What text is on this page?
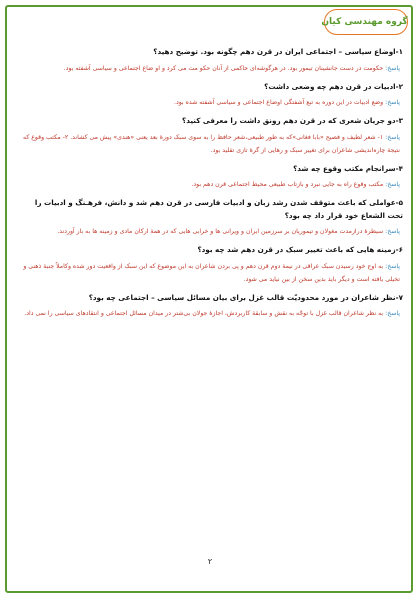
گروه مهندسی کیان
۱-اوضاع سیاسی – اجتماعی ایران در قرن دهم چگونه بود. توضیح دهید؟
پاسخ: حکومت در دست جانشینان تیمور بود. در هرگوشه‌ای حاکمی از آنان حکو مت می کرد و او ضاع اجتماعی و سیاسی آشفته بود.
۲-ادبیات در قرن دهم چه وضعی داشت؟
پاسخ: وضع ادبیات در این دوره به تبع آشفتگی اوضاع اجتماعی و سیاسی آشفته شده بود.
۳-دو جریان شعری که در قرن دهم رونق داشت را معرفی کنید؟
پاسخ: ۱- شعر لطیف و فصیح «بابا فغانی»که به طور طبیعی،شعر حافظ را به سوی سبک دورهٔ بعد یعنی «هندی» پیش می کشاند. ۲- مکتب وقوع که نتیجهٔ چاره‌اندیشی شاعران برای تغییر سبک و رهایی از گرهٔ تازی تقلید بود.
۴-سرانجام مکتب وقوع چه شد؟
پاسخ: مکتب وقوع راه به جایی نبرد و بازتاب طبیعی محیط اجتماعی قرن دهم بود.
۵-عواملی که باعث متوقف شدن رشد زبان و ادبیات فارسی در قرن دهم شد و دانش، فرهـنگ و ادبیات را تحت الشعاع خود قرار داد چه بود؟
پاسخ: سیطرهٔ درازمدت مغولان و تیموریان بر سرزمین ایران و ویرانی ها و خرابی هایی که در همهٔ ارکان مادی و زمینه ها به بار آوردند.
۶-زمینه هایی که باعث تغییر سبک در قرن دهم شد چه بود؟
پاسخ: به اوج خود رسیدن سبک عراقی در نیمهٔ دوم قرن دهم و پی بردن شاعران به این موضوع که این سبک از واقعیت دور شده وکاملاً جنبهٔ ذهنی و تخیلی یافته است و دیگر باید بدین سخن از بین نیاید می شود.
۷-نظر شاعران در مورد محدودیّت قالب غزل برای بیان مسائل سیاسی – اجتماعی چه بود؟
پاسخ: به نظر شاعران قالب غزل با توجّه به نقش و سابقهٔ کاربردش، اجازهٔ جولان بی‌شتر در میدان مسائل اجتماعی و انتقادهای سیاسی را نمی داد.
۲
